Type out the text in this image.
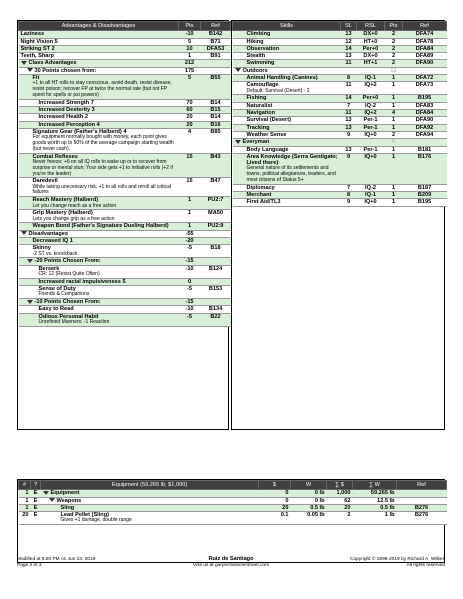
Advantages & Disadvantages	Pts	Ref
Laziness	-10	B142
Night Vision 5	5	B71
Striking ST 2	10	DFA53
Teeth, Sharp	1	B91
Class Advantages	212	
30 Points chosen from:	175	
Fit
+1 to all HT rolls to stay conscious, avoid death, resist disease, resist poison; recover FP at twice the normal rate (but not FP spent for spells or psi powers)	5	B55
Increased Strength 7	70	B14
Increased Dexterity 3	60	B15
Increased Health 2	20	B14
Increased Perception 4	20	B16
Signature Gear (Father's Halberd) 4
For equipment normally bought with money, each point gives goods worth up to 50% of the average campaign starting wealth (but never cash).	4	B85
Combat Reflexes
Never freeze; +6 on all IQ rolls to wake up or to recover from surprise or mental stun; Your side gets +1 to initiative rolls (+2 if you're the leader)	15	B43
Daredevil
While taking unecessary risk, +1 to all rolls and reroll all critical failures	15	B47
Reach Mastery (Halberd)
Let you change reach as a free action	1	PU2:7
Grip Mastery (Halberd)
Lets you change grip as a free action	1	MA50
Weapon Bond (Father's Signature Dueling Halberd)	1	PU2:9
Disadvantages	-55	
Decreased IQ 1	-20	
Skinny
-2 ST vs. knockback	-5	B18
-20 Points Chosen From:	-15	
Berserk
CR: 12 (Resist Quite Often)	-10	B124
Increased racial impulsiveness 5	0	
Sense of Duty
Friends & Companions	-5	B153
-10 Points Chosen From:	-15	
Easy to Read	-10	B134
Odious Personal Habit
Unrefined Manners; -1 Reaction	-5	B22
Skills	SL	RSL	Pts	Ref
Climbing	13	DX+0	2	DFA74
Hiking	12	HT+0	2	DFA78
Observation	14	Per+0	2	DFA84
Stealth	13	DX+0	2	DFA89
Swimming	11	HT+1	2	DFA90
Outdoors			12	
Animal Handling (Canines)	8	IQ-1	1	DFA72
Camouflage
Default: Survival (Desert) - 2	11	IQ+2	1	DFA73
Fishing	14	Per+0	1	B195
Naturalist	7	IQ-2	1	DFA83
Navigation	11	IQ+2	4	DFA84
Survival (Desert)	13	Per-1	1	DFA90
Tracking	13	Per-1	1	DFA92
Weather Sense	9	IQ+0	2	DFA94
Everyman			6	
Body Language	13	Per-1	1	B181
Area Knowledge (Serra Gentigato; Lived there)
General nature of its settlements and towns, political allegiances, leaders, and most citizens of Status 5+	9	IQ+0	1	B176
Diplomacy	7	IQ-2	1	B187
Merchant	8	IQ-1	1	B209
First Aid/TL3	9	IQ+0	1	B195
#	?	Equipment (59.265 lb; $1,000)	$	W	∑ $	∑ W	Ref
1	E	Equipment	0	0 lb	1,000	59.265 lb	
1	E	Weapons	0	0 lb	62	12.5 lb	
1	E	Sling	20	0.5 lb	20	0.5 lb	B276
20	E	Lead Pellet (Sling)
Gives +1 damage, double range	0.1	0.05 lb	2	1 lb	B276
Modified at 8:00 PM on Jun 24, 2019
Page 2 of 3
Ruiz de Santiago
Visit us at gurpscharactersheet.com
Copyright © 1998-2019 by Richard A. Wilkes
All rights reserved
